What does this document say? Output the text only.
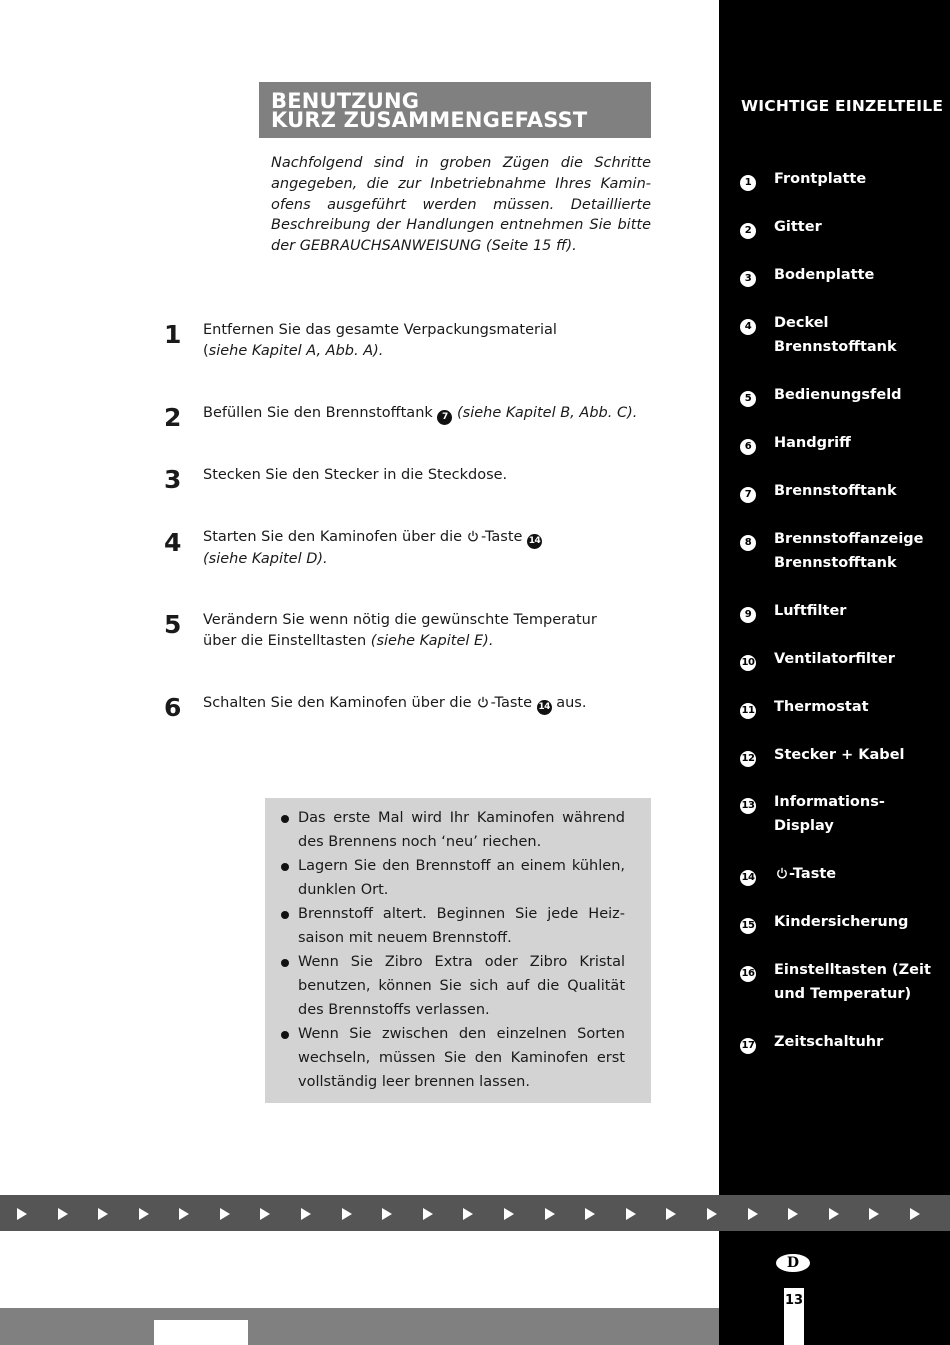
WICHTIGE EINZELTEILE
1	Frontplatte
2	Gitter
3	Bodenplatte
4	Deckel
Brennstofftank
5	Bedienungsfeld
6	Handgriff
7	Brennstofftank
8	Brennstoffanzeige
Brennstofftank
9	Luftfilter
10 Ventilatorfilter
11 Thermostat
12 Stecker + Kabel
13 Informations-
Display
14	-Taste
15 Kindersicherung
16 Einstelltasten (Zeit
und Temperatur)
17 Zeitschaltuhr
BENUTZUNG
KURZ ZUSAMMENGEFASST
Nachfolgend sind in groben Zügen die Schritte angegeben, die zur Inbetriebnahme Ihres Kamin-ofens ausgeführt werden müssen. Detaillierte Beschreibung der Handlungen entnehmen Sie bitte der GEBRAUCHSANWEISUNG (Seite 15 ff).
1 Entfernen Sie das gesamte Verpackungsmaterial
(siehe Kapitel A, Abb. A).
2 Befüllen Sie den Brennstofftank 7 (siehe Kapitel B, Abb. C).
3 Stecken Sie den Stecker in die Steckdose.
4 Starten Sie den Kaminofen über die -Taste 14
(siehe Kapitel D).
5 Verändern Sie wenn nötig die gewünschte Temperatur
über die Einstelltasten (siehe Kapitel E).
6 Schalten Sie den Kaminofen über die -Taste 14 aus.
Das erste Mal wird Ihr Kaminofen während des Brennens noch ‘neu’ riechen.
Lagern Sie den Brennstoff an einem kühlen, dunklen Ort.
Brennstoff altert. Beginnen Sie jede Heiz-saison mit neuem Brennstoff.
Wenn Sie Zibro Extra oder Zibro Kristal benutzen, können Sie sich auf die Qualität des Brennstoffs verlassen.
Wenn Sie zwischen den einzelnen Sorten wechseln, müssen Sie den Kaminofen erst vollständig leer brennen lassen.
D
13
